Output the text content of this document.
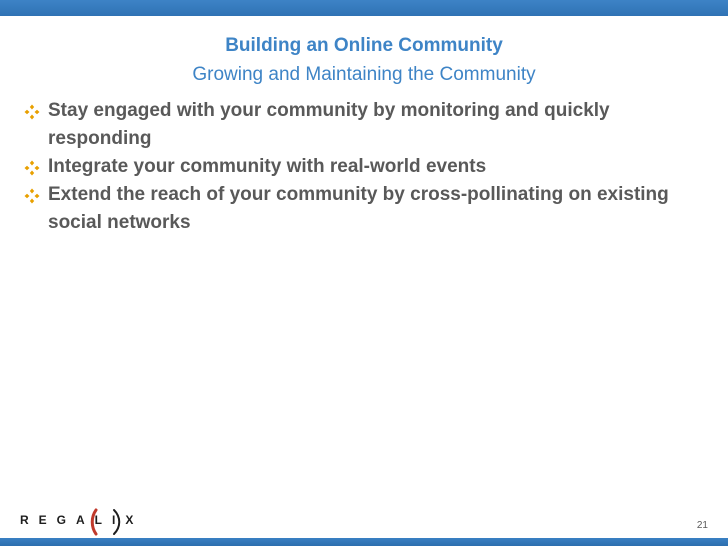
Building an Online Community
Growing and Maintaining the Community
Stay engaged with your community by monitoring and quickly responding
Integrate your community with real-world events
Extend the reach of your community by cross-pollinating on existing social networks
REGALIX	21
